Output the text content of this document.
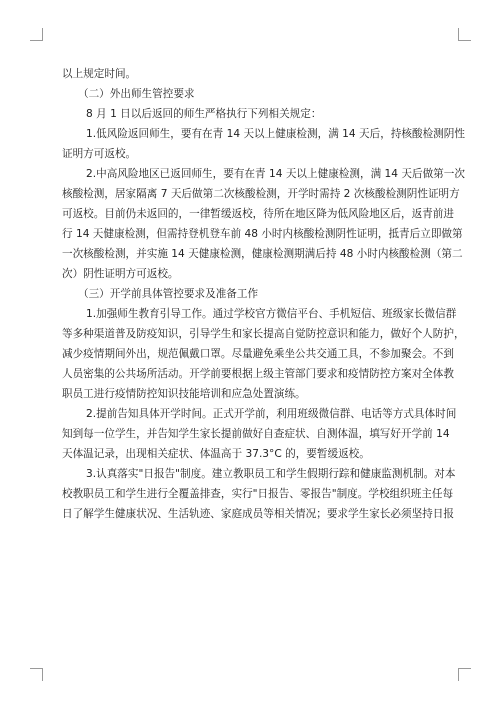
以上规定时间。
（二）外出师生管控要求
8 月 1 日以后返回的师生严格执行下列相关规定：
1.低风险返回师生，要有在青 14 天以上健康检测，满 14 天后，持核酸检测阴性
证明方可返校。
2.中高风险地区已返回师生，要有在青 14 天以上健康检测，满 14 天后做第一次
核酸检测，居家隔离 7 天后做第二次核酸检测，开学时需持 2 次核酸检测阴性证明方
可返校。目前仍未返回的，一律暂缓返校，待所在地区降为低风险地区后，返青前进
行 14 天健康检测，但需持登机登车前 48 小时内核酸检测阴性证明，抵青后立即做第
一次核酸检测，并实施 14 天健康检测，健康检测期满后持 48 小时内核酸检测（第二
次）阴性证明方可返校。
（三）开学前具体管控要求及准备工作
1.加强师生教育引导工作。通过学校官方微信平台、手机短信、班级家长微信群
等多种渠道普及防疫知识，引导学生和家长提高自觉防控意识和能力，做好个人防护，
减少疫情期间外出，规范佩戴口罩。尽量避免乘坐公共交通工具，不参加聚会。不到
人员密集的公共场所活动。开学前要根据上级主管部门要求和疫情防控方案对全体教
职员工进行疫情防控知识技能培训和应急处置演练。
2.提前告知具体开学时间。正式开学前，利用班级微信群、电话等方式具体时间
知到每一位学生，并告知学生家长提前做好自查症状、自测体温，填写好开学前 14
天体温记录，出现相关症状、体温高于 37.3°C 的，要暂缓返校。
3.认真落实"日报告"制度。建立教职员工和学生假期行踪和健康监测机制。对本
校教职员工和学生进行全覆盖排查，实行"日报告、零报告"制度。学校组织班主任每
日了解学生健康状况、生活轨迹、家庭成员等相关情况；要求学生家长必须坚持日报
